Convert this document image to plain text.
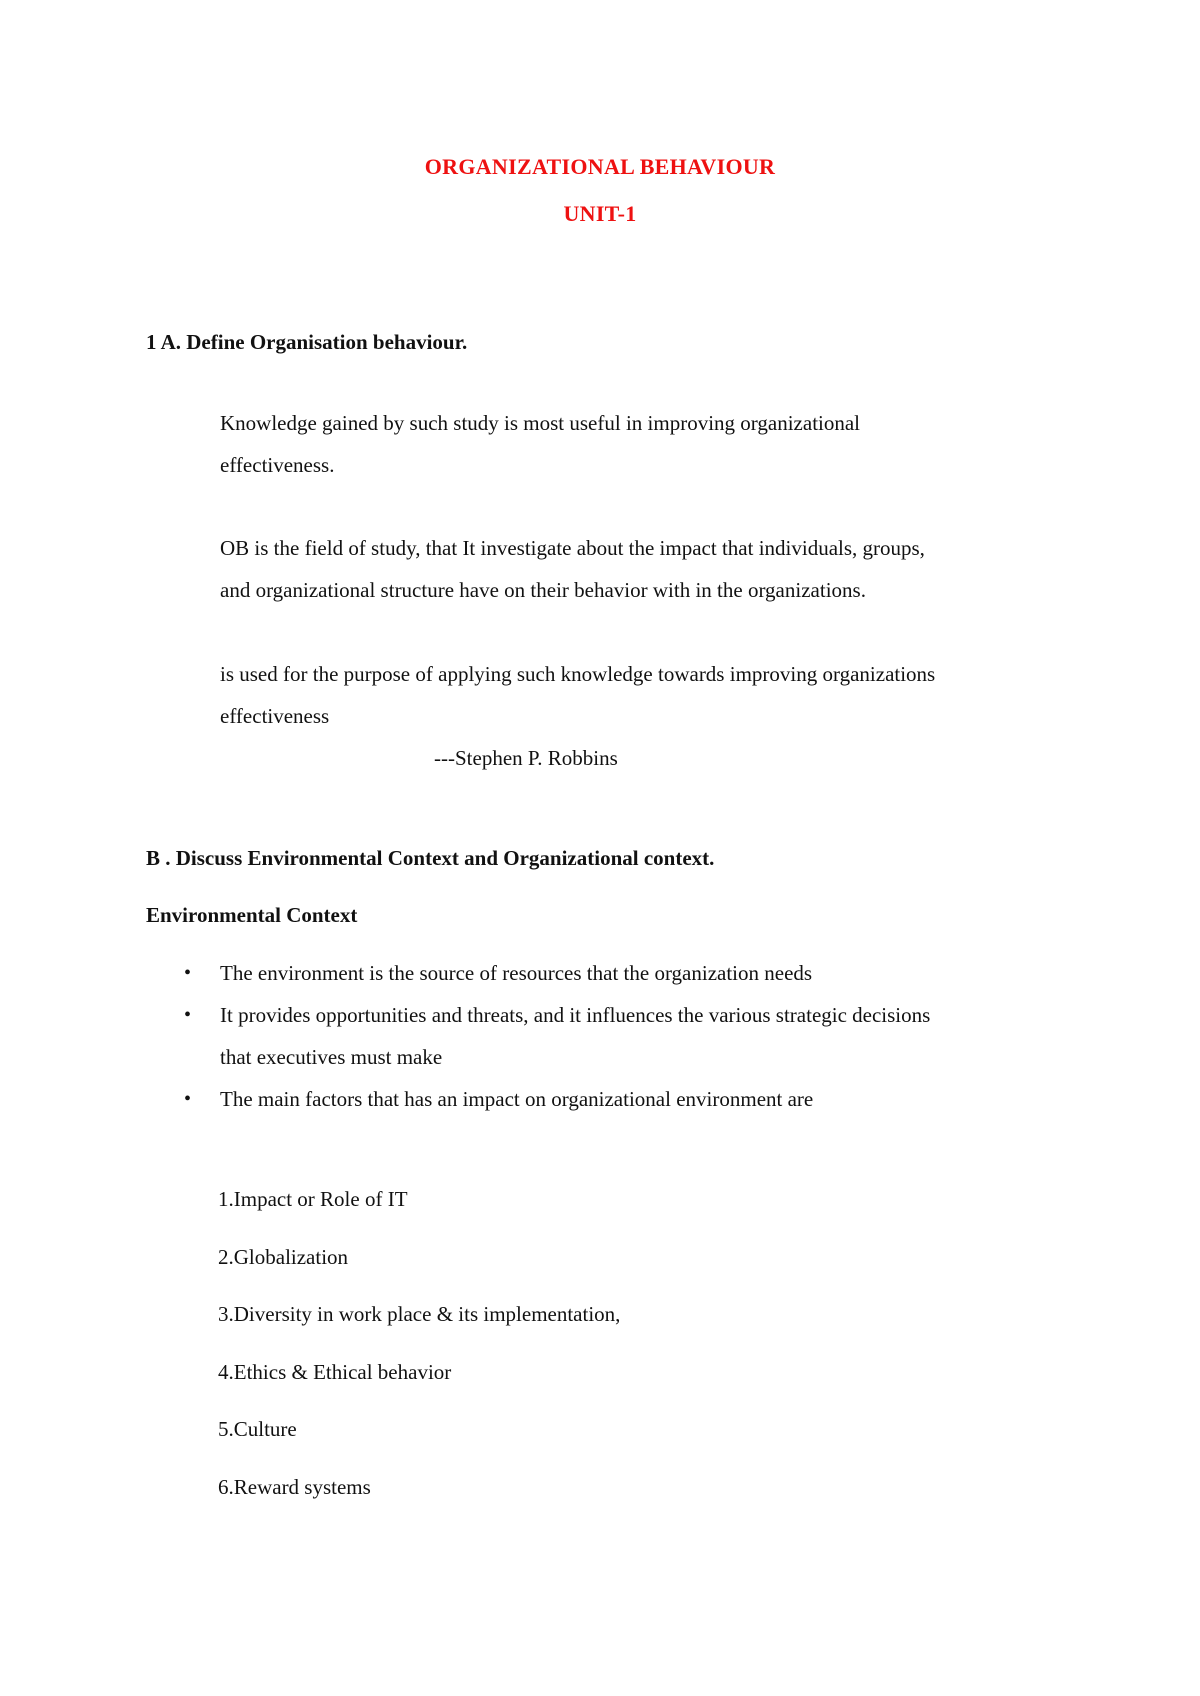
ORGANIZATIONAL BEHAVIOUR
UNIT-1
1 A. Define Organisation behaviour.
Knowledge gained by such study is most useful in improving organizational
effectiveness.
OB is the field of study, that It investigate about the impact that individuals, groups,
and organizational structure have on their behavior with in the organizations.
is used for the purpose of applying such knowledge towards improving organizations
effectiveness
---Stephen P. Robbins
B . Discuss Environmental Context and Organizational context.
Environmental Context
• The environment is the source of resources that the organization needs
• It provides opportunities and threats, and it influences the various strategic decisions
that executives must make
• The main factors that has an impact on organizational environment are
1.Impact or Role of IT
2.Globalization
3.Diversity in work place & its implementation,
4.Ethics & Ethical behavior
5.Culture
6.Reward systems
